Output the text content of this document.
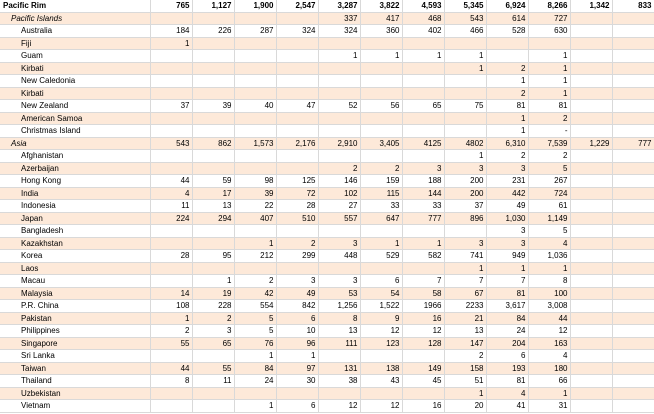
Pacific Rim	765	1,127	1,900	2,547	3,287	3,822	4,593	5,345	6,924	8,266	1,342	833
Pacific Islands					337	417	468	543	614	727		
Australia	184	226	287	324	324	360	402	466	528	630		
Fiji	1											
Guam					1	1	1	1		1		
Kirbati								1	2	1		
New Caledonia									1	1		
Kirbati									2	1		
New Zealand	37	39	40	47	52	56	65	75	81	81		
American Samoa									1	2		
Christmas Island									1	-		
Asia	543	862	1,573	2,176	2,910	3,405	4125	4802	6,310	7,539	1,229	777
Afghanistan								1	2	2		
Azerbaijan					2	2	3	3	3	5		
Hong Kong	44	59	98	125	146	159	188	200	231	267		
India	4	17	39	72	102	115	144	200	442	724		
Indonesia	11	13	22	28	27	33	33	37	49	61		
Japan	224	294	407	510	557	647	777	896	1,030	1,149		
Bangladesh									3	5		
Kazakhstan			1	2	3	1	1	3	3	4		
Korea	28	95	212	299	448	529	582	741	949	1,036		
Laos								1	1	1		
Macau		1	2	3	3	6	7	7	7	8		
Malaysia	14	19	42	49	53	54	58	67	81	100		
P.R. China	108	228	554	842	1,256	1,522	1966	2233	3,617	3,008		
Pakistan	1	2	5	6	8	9	16	21	84	44		
Philippines	2	3	5	10	13	12	12	13	24	12		
Singapore	55	65	76	96	111	123	128	147	204	163		
Sri Lanka			1	1				2	6	4		
Taiwan	44	55	84	97	131	138	149	158	193	180		
Thailand	8	11	24	30	38	43	45	51	81	66		
Uzbekistan								1	4	1		
Vietnam			1	6	12	12	16	20	41	31		
